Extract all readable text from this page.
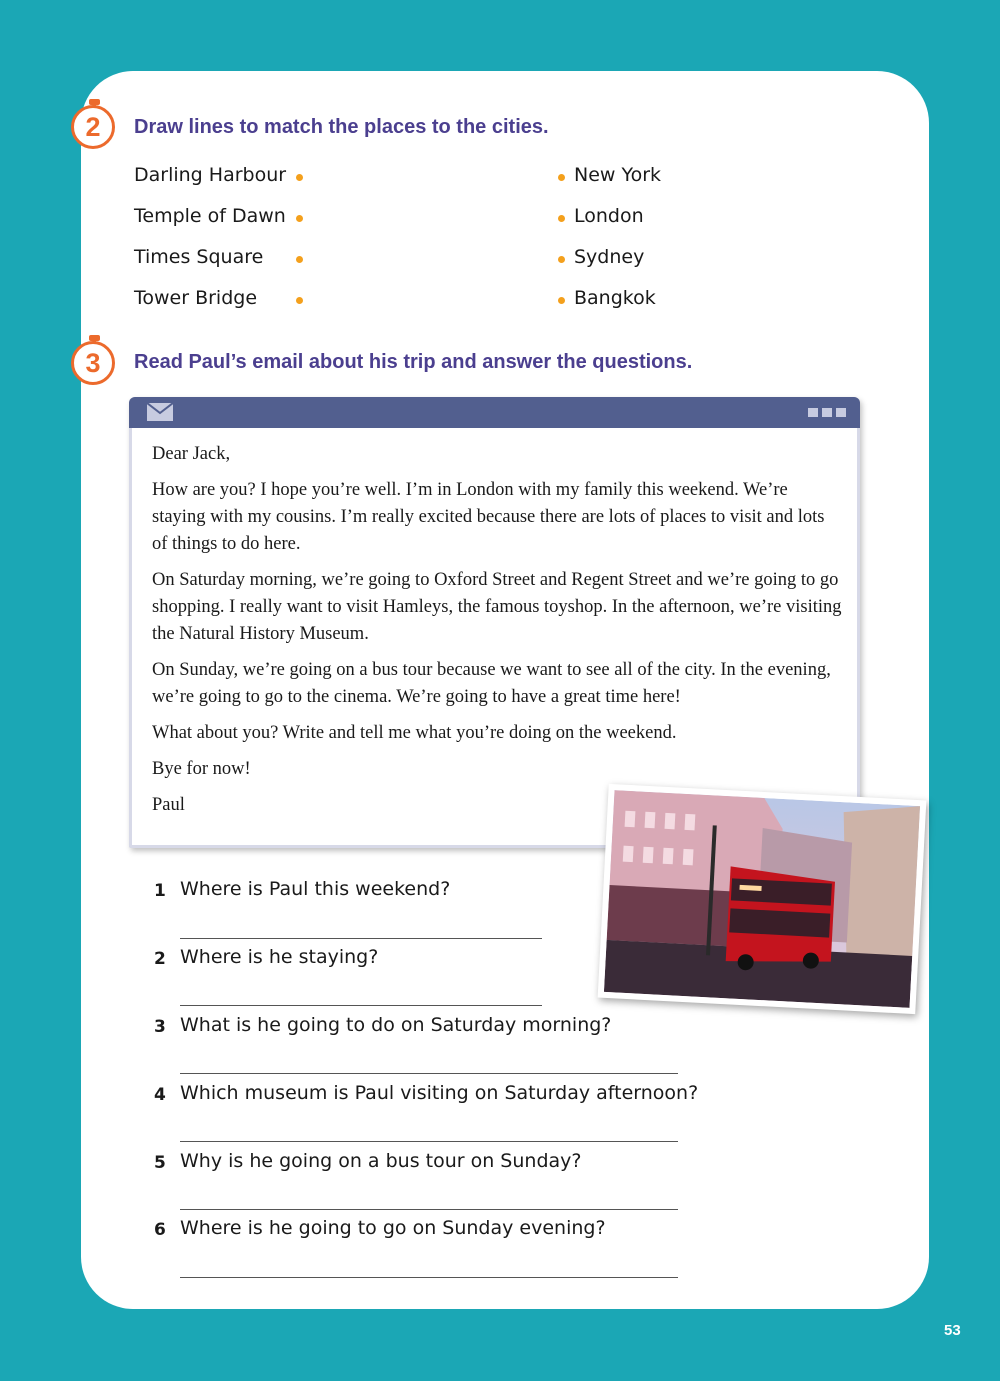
2 Draw lines to match the places to the cities.
Darling Harbour
Temple of Dawn
Times Square
Tower Bridge
New York
London
Sydney
Bangkok
3 Read Paul’s email about his trip and answer the questions.

Dear Jack,

How are you? I hope you’re well. I’m in London with my family this weekend. We’re staying with my cousins. I’m really excited because there are lots of places to visit and lots of things to do here.

On Saturday morning, we’re going to Oxford Street and Regent Street and we’re going to go shopping. I really want to visit Hamleys, the famous toyshop. In the afternoon, we’re visiting the Natural History Museum.

On Sunday, we’re going on a bus tour because we want to see all of the city. In the evening, we’re going to go to the cinema. We’re going to have a great time here!

What about you? Write and tell me what you’re doing on the weekend.

Bye for now!

Paul

1 Where is Paul this weekend?
2 Where is he staying?
3 What is he going to do on Saturday morning?
4 Which museum is Paul visiting on Saturday afternoon?
5 Why is he going on a bus tour on Sunday?
6 Where is he going to go on Sunday evening?
53
